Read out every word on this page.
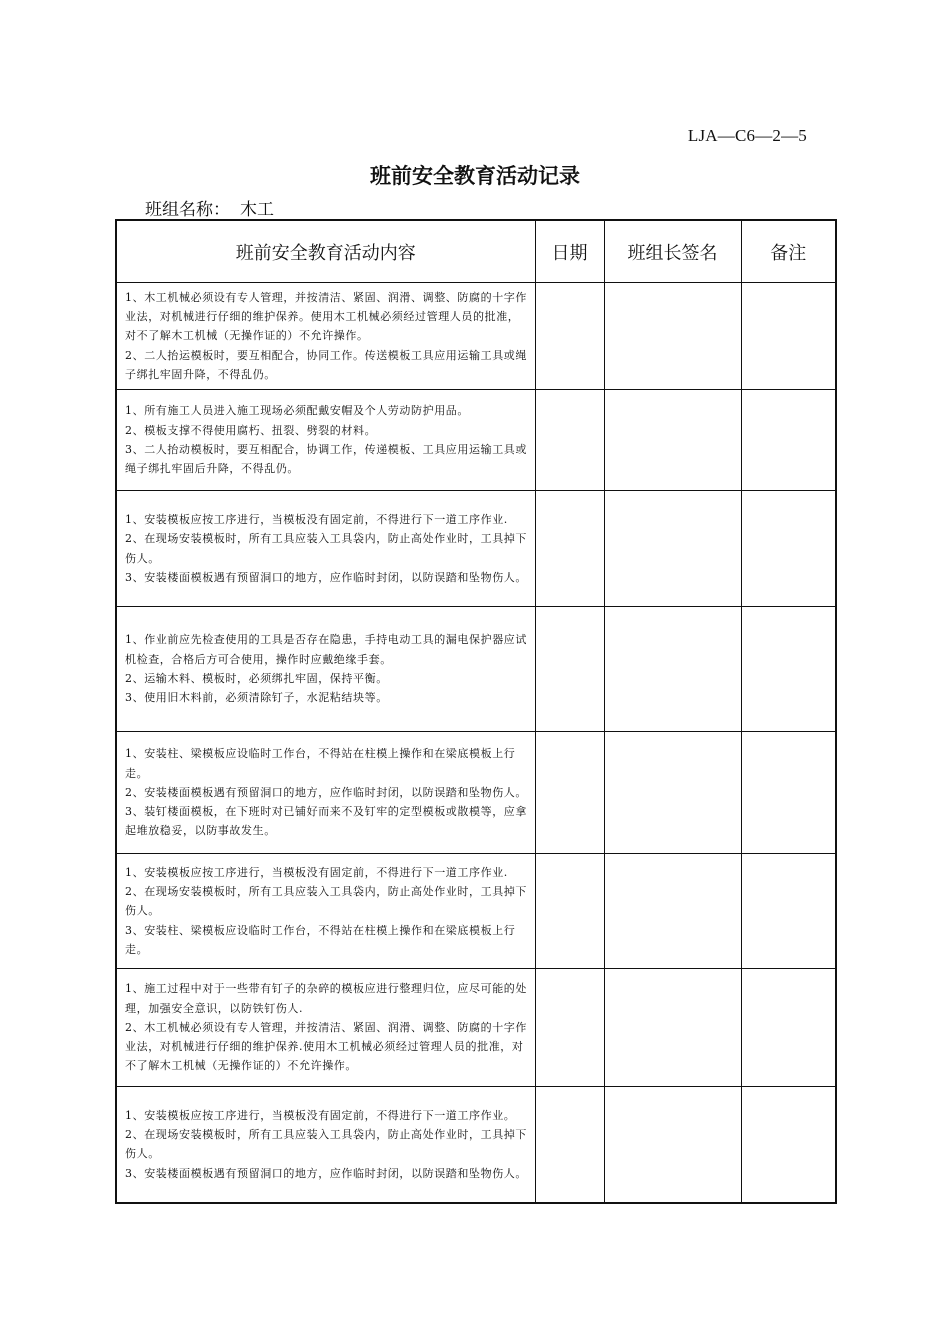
LJA—C6—2—5
班前安全教育活动记录
班组名称： 木工
班前安全教育活动内容	日期	班组长签名	备注

1、木工机械必须设有专人管理，并按清洁、紧固、润滑、调整、防腐的十字作业法，对机械进行仔细的维护保养。使用木工机械必须经过管理人员的批准，对不了解木工机械（无操作证的）不允许操作。
2、二人抬运模板时，要互相配合，协同工作。传送模板工具应用运输工具或绳子绑扎牢固升降，不得乱仍。			

1、所有施工人员进入施工现场必须配戴安帽及个人劳动防护用品。
2、模板支撑不得使用腐朽、扭裂、劈裂的材料。
3、二人抬动模板时，要互相配合，协调工作，传递模板、工具应用运输工具或绳子绑扎牢固后升降，不得乱仍。			

1、安装模板应按工序进行，当模板没有固定前，不得进行下一道工序作业.
2、在现场安装模板时，所有工具应装入工具袋内，防止高处作业时，工具掉下伤人。
3、安装楼面模板遇有预留洞口的地方，应作临时封闭，以防误踏和坠物伤人。			

1、作业前应先检查使用的工具是否存在隐患，手持电动工具的漏电保护器应试机检查，合格后方可合使用，操作时应戴绝缘手套。
2、运输木料、模板时，必须绑扎牢固，保持平衡。
3、使用旧木料前，必须清除钉子，水泥粘结块等。			

1、安装柱、梁模板应设临时工作台，不得站在柱模上操作和在梁底模板上行走。
2、安装楼面模板遇有预留洞口的地方，应作临时封闭，以防误踏和坠物伤人。
3、装钉楼面模板，在下班时对已铺好而来不及钉牢的定型模板或散模等，应拿起堆放稳妥，以防事故发生。			

1、安装模板应按工序进行，当模板没有固定前，不得进行下一道工序作业.
2、在现场安装模板时，所有工具应装入工具袋内，防止高处作业时，工具掉下伤人。
3、安装柱、梁模板应设临时工作台，不得站在柱模上操作和在梁底模板上行走。			

1、施工过程中对于一些带有钉子的杂碎的模板应进行整理归位，应尽可能的处理，加强安全意识，以防铁钉伤人.
2、木工机械必须设有专人管理，并按清洁、紧固、润滑、调整、防腐的十字作业法，对机械进行仔细的维护保养.使用木工机械必须经过管理人员的批准，对不了解木工机械（无操作证的）不允许操作。			

1、安装模板应按工序进行，当模板没有固定前，不得进行下一道工序作业。
2、在现场安装模板时，所有工具应装入工具袋内，防止高处作业时，工具掉下伤人。
3、安装楼面模板遇有预留洞口的地方，应作临时封闭，以防误踏和坠物伤人。			
